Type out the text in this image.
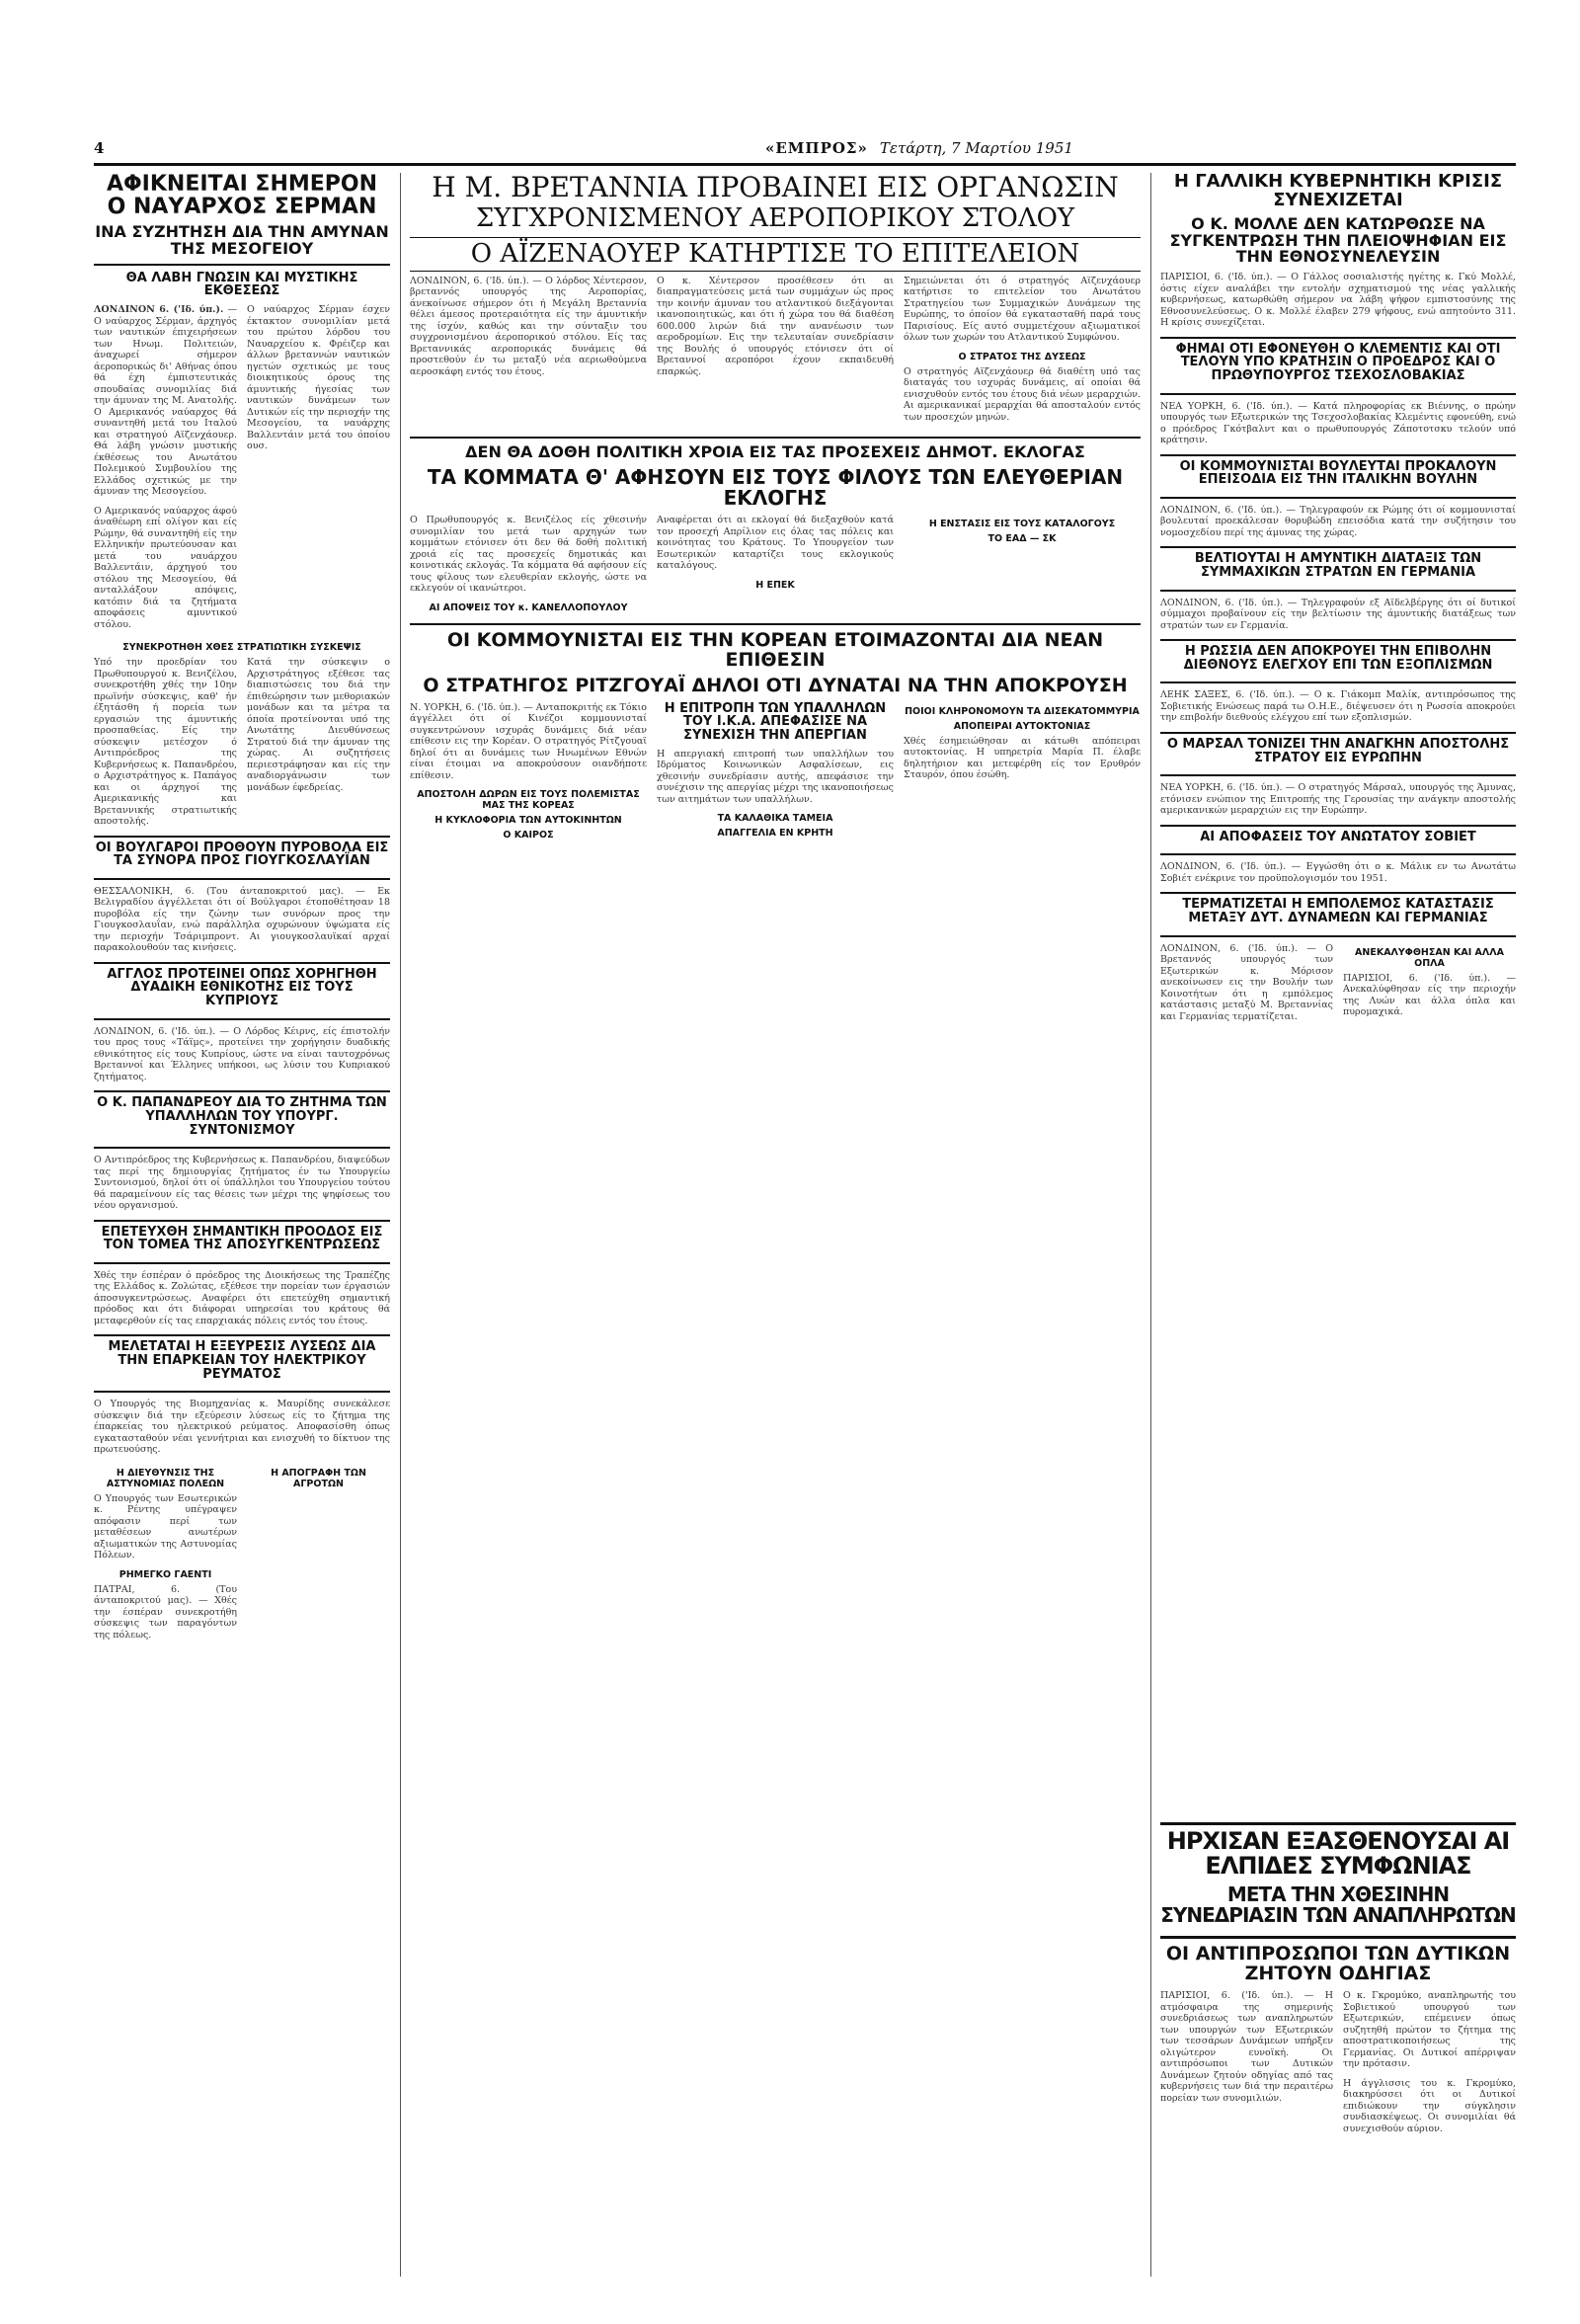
4	«ΕΜΠΡΟΣ» Τετάρτη, 7 Μαρτίου 1951
ΑΦΙΚΝΕΙΤΑΙ ΣΗΜΕΡΟΝ Ο ΝΑΥΑΡΧΟΣ ΣΕΡΜΑΝ
ΙΝΑ ΣΥΖΗΤΗΣΗ ΔΙΑ ΤΗΝ ΑΜΥΝΑΝ ΤΗΣ ΜΕΣΟΓΕΙΟΥ
ΘΑ ΛΑΒΗ ΓΝΩΣΙΝ ΚΑΙ ΜΥΣΤΙΚΗΣ ΕΚΘΕΣΕΩΣ
ΛΟΝΔΙΝΟΝ 6. ('Ιδ. ύπ.). — Ο ναύαρχος Σέρμαν, άρχηγός των ναυτικών έπιχειρήσεων των Ηνωμ. Πολιτειών, άναχωρεί σήμερον άεροπορικώς δι' Αθήνας όπου θά έχη έμπιστευτικάς σπουδαίας συνομιλίας διά την άμυναν της Μ. Ανατολής. Ο Αμερικανός ναύαρχος θά συναντηθή μετά του Ιταλού και στρατηγού Αϊζενχάουερ. Θά λάβη γνώσιν μυστικής έκθέσεως του Ανωτάτου Πολεμικού Συμβουλίου της Ελλάδος σχετικώς με την άμυναν της Μεσογείου.
Ο Αμερικανός ναύαρχος άφού άναθέωρη επί ολίγον και είς Ρώμην, θά συναντηθή είς την Ελληνικήν πρωτεύουσαν και μετά του ναυάρχου Βαλλεντάιν, άρχηγού του στόλου της Μεσογείου, θά ανταλλάξουν απόψεις, κατόπιν διά τα ζητήματα αποφάσεις αμυντικού στόλου.
Ο ναύαρχος Σέρμαν έσχεν έκτακτον συνομιλίαν μετά του πρώτου λόρδου του Ναυαρχείου κ. Φρέιζερ και άλλων βρεταννών ναυτικών ηγετών σχετικώς με τους διοικητικούς όρους της άμυντικής ήγεσίας των ναυτικών δυνάμεων των Δυτικών είς την περιοχήν της Μεσογείου, τα ναυάρχης Βαλλεντάιν μετά του όποίου ουσ.
ΣΥΝΕΚΡΟΤΗΘΗ ΧΘΕΣ ΣΤΡΑΤΙΩΤΙΚΗ ΣΥΣΚΕΨΙΣ
Υπό την προεδρίαν του Πρωθυπουργού κ. Βενιζέλου, συνεκροτήθη χθές την 10ην πρωϊνήν σύσκεψις, καθ' ήν έξητάσθη ή πορεία των εργασιών της άμυντικής προσπαθείας. Είς την σύσκεψιν μετέσχον ό Αντιπρόεδρος της Κυβερνήσεως κ. Παπανδρέου, ο Αρχιστράτηγος κ. Παπάγος και οι άρχηγοί της Αμερικανικής και Βρεταννικής στρατιωτικής αποστολής.
Κατά την σύσκεψιν ο Αρχιστράτηγος εξέθεσε τας διαπιστώσεις του διά την έπιθεώρησιν των μεθοριακών μονάδων και τα μέτρα τα όποία προτείνονται υπό της Ανωτάτης Διευθύνσεως Στρατού διά την άμυναν της χώρας. Αι συζητήσεις περιεστράφησαν και είς την αναδιοργάνωσιν των μονάδων έφεδρείας.
ΟΙ ΒΟΥΛΓΑΡΟΙ ΠΡΟΘΟΥΝ ΠΥΡΟΒΟΛΑ ΕΙΣ ΤΑ ΣΥΝΟΡΑ ΠΡΟΣ ΓΙΟΥΓΚΟΣΛΑΥΪΑΝ
ΘΕΣΣΑΛΟΝΙΚΗ, 6. (Του άνταποκριτού μας). — Εκ Βελιγραδίου άγγέλλεται ότι οί Βούλγαροι έτοποθέτησαν 18 πυροβόλα είς την ζώνην των συνόρων προς την Γιουγκοσλαυΐαν, ενώ παράλληλα οχυρώνουν ύψώματα είς την περιοχήν Τσάριμπροντ. Αι γιουγκοσλαυϊκαί αρχαί παρακολουθούν τας κινήσεις.
ΑΓΓΛΟΣ ΠΡΟΤΕΙΝΕΙ ΟΠΩΣ ΧΟΡΗΓΗΘΗ ΔΥΑΔΙΚΗ ΕΘΝΙΚΟΤΗΣ ΕΙΣ ΤΟΥΣ ΚΥΠΡΙΟΥΣ
ΛΟΝΔΙΝΟΝ, 6. ('Ιδ. ύπ.). — Ο Λόρδος Κέιρνς, είς έπιστολήν του προς τους «Τάϊμς», προτείνει την χορήγησιν δυαδικής εθνικότητος είς τους Κυπρίους, ώστε να είναι ταυτοχρόνως Βρεταννοί και Έλληνες υπήκοοι, ως λύσιν του Κυπριακού ζητήματος.
Ο Κ. ΠΑΠΑΝΔΡΕΟΥ ΔΙΑ ΤΟ ΖΗΤΗΜΑ ΤΩΝ ΥΠΑΛΛΗΛΩΝ ΤΟΥ ΥΠΟΥΡΓ. ΣΥΝΤΟΝΙΣΜΟΥ
Ο Αντιπρόεδρος της Κυβερνήσεως κ. Παπανδρέου, διαψεύδων τας περί της δημιουργίας ζητήματος έν τω Υπουργείω Συντονισμού, δηλοί ότι οί ύπάλληλοι του Υπουργείου τούτου θά παραμείνουν είς τας θέσεις των μέχρι της ψηφίσεως του νέου οργανισμού.
ΕΠΕΤΕΥΧΘΗ ΣΗΜΑΝΤΙΚΗ ΠΡΟΟΔΟΣ ΕΙΣ ΤΟΝ ΤΟΜΕΑ ΤΗΣ ΑΠΟΣΥΓΚΕΝΤΡΩΣΕΩΣ
Χθές την έσπέραν ό πρόεδρος της Διοικήσεως της Τραπέζης της Ελλάδος κ. Ζολώτας, εξέθεσε την πορείαν των έργασιών άποσυγκεντρώσεως. Αναφέρει ότι επετεύχθη σημαντική πρόοδος και ότι διάφοραι υπηρεσίαι του κράτους θά μεταφερθούν είς τας επαρχιακάς πόλεις εντός του έτους.
ΜΕΛΕΤΑΤΑΙ Η ΕΞΕΥΡΕΣΙΣ ΛΥΣΕΩΣ ΔΙΑ ΤΗΝ ΕΠΑΡΚΕΙΑΝ ΤΟΥ ΗΛΕΚΤΡΙΚΟΥ ΡΕΥΜΑΤΟΣ
Ο Υπουργός της Βιομηχανίας κ. Μαυρίδης συνεκάλεσε σύσκεψιν διά την εξεύρεσιν λύσεως είς το ζήτημα της έπαρκείας του ηλεκτρικού ρεύματος. Αποφασίσθη όπως εγκατασταθούν νέαι γεννήτριαι και ενισχυθή το δίκτυον της πρωτευούσης.
Η ΔΙΕΥΘΥΝΣΙΣ ΤΗΣ ΑΣΤΥΝΟΜΙΑΣ ΠΟΛΕΩΝ
Ο Υπουργός των Εσωτερικών κ. Ρέντης υπέγραψεν απόφασιν περί των μεταθέσεων ανωτέρων αξιωματικών της Αστυνομίας Πόλεων.
ΡΗΜΕΓΚΟ ΓΑΕΝΤΙ
ΠΑΤΡΑΙ, 6. (Του άνταποκριτού μας). — Χθές την έσπέραν συνεκροτήθη σύσκεψις των παραγόντων της πόλεως.
Η ΑΠΟΓΡΑΦΗ ΤΩΝ ΑΓΡΟΤΩΝ
Η Μ. ΒΡΕΤΑΝΝΙΑ ΠΡΟΒΑΙΝΕΙ ΕΙΣ ΟΡΓΑΝΩΣΙΝ
ΣΥΓΧΡΟΝΙΣΜΕΝΟΥ ΑΕΡΟΠΟΡΙΚΟΥ ΣΤΟΛΟΥ
Ο ΑΪΖΕΝΑΟΥΕΡ ΚΑΤΗΡΤΙΣΕ ΤΟ ΕΠΙΤΕΛΕΙΟΝ
ΛΟΝΔΙΝΟΝ, 6. ('Ιδ. ύπ.). — Ο λόρδος Χέντερσον, βρεταννός υπουργός της Αεροπορίας, άνεκοίνωσε σήμερον ότι ή Μεγάλη Βρεταννία θέλει άμεσος προτεραιότητα είς την άμυντικήν της ίσχύν, καθώς και την σύνταξιν του συγχρονισμένου άεροπορικού στόλου. Είς τας Βρεταννικάς αεροπορικάς δυνάμεις θά προστεθούν έν τω μεταξύ νέα αεριωθούμενα αεροσκάφη εντός του έτους.
Ο κ. Χέντερσον προσέθεσεν ότι αι διαπραγματεύσεις μετά των συμμάχων ώς προς την κοινήν άμυναν του ατλαντικού διεξάγονται ικανοποιητικώς, και ότι ή χώρα του θά διαθέση 600.000 λιρών διά την ανανέωσιν των αεροδρομίων. Εις την τελευταίαν συνεδρίασιν της Βουλής ό υπουργός ετόνισεν ότι οί Βρεταννοί αεροπόροι έχουν εκπαιδευθή επαρκώς.
Σημειώνεται ότι ό στρατηγός Αϊζενχάουερ κατήρτισε το επιτελείον του Ανωτάτου Στρατηγείου των Συμμαχικών Δυνάμεων της Ευρώπης, το όποίον θά εγκατασταθή παρά τους Παρισίους. Είς αυτό συμμετέχουν αξιωματικοί όλων των χωρών του Ατλαντικού Συμφώνου.
Ο ΣΤΡΑΤΟΣ ΤΗΣ ΔΥΣΕΩΣ
Ο στρατηγός Αϊζενχάουερ θά διαθέτη υπό τας διαταγάς του ισχυράς δυνάμεις, αί οποίαι θά ενισχυθούν εντός του έτους διά νέων μεραρχιών. Αι αμερικανικαί μεραρχίαι θά αποσταλούν εντός των προσεχών μηνών.
ΔΕΝ ΘΑ ΔΟΘΗ ΠΟΛΙΤΙΚΗ ΧΡΟΙΑ ΕΙΣ ΤΑΣ ΠΡΟΣΕΧΕΙΣ ΔΗΜΟΤ. ΕΚΛΟΓΑΣ
ΤΑ ΚΟΜΜΑΤΑ Θ' ΑΦΗΣΟΥΝ ΕΙΣ ΤΟΥΣ ΦΙΛΟΥΣ ΤΩΝ ΕΛΕΥΘΕΡΙΑΝ ΕΚΛΟΓΗΣ
Ο Πρωθυπουργός κ. Βενιζέλος είς χθεσινήν συνομιλίαν του μετά των αρχηγών των κομμάτων ετόνισεν ότι δεν θά δοθή πολιτική χροιά είς τας προσεχείς δημοτικάς και κοινοτικάς εκλογάς. Τα κόμματα θά αφήσουν είς τους φίλους των ελευθερίαν εκλογής, ώστε να εκλεγούν οί ικανώτεροι.
ΑΙ ΑΠΟΨΕΙΣ ΤΟΥ κ. ΚΑΝΕΛΛΟΠΟΥΛΟΥ
Αναφέρεται ότι αι εκλογαί θά διεξαχθούν κατά τον προσεχή Απρίλιον εις όλας τας πόλεις και κοινότητας του Κράτους. Το Υπουργείον των Εσωτερικών καταρτίζει τους εκλογικούς καταλόγους.
Η ΕΠΕΚ
Η ΕΝΣΤΑΣΙΣ ΕΙΣ ΤΟΥΣ ΚΑΤΑΛΟΓΟΥΣ
ΤΟ ΕΑΔ — ΣΚ
ΟΙ ΚΟΜΜΟΥΝΙΣΤΑΙ ΕΙΣ ΤΗΝ ΚΟΡΕΑΝ ΕΤΟΙΜΑΖΟΝΤΑΙ ΔΙΑ ΝΕΑΝ ΕΠΙΘΕΣΙΝ
Ο ΣΤΡΑΤΗΓΟΣ ΡΙΤΖΓΟΥΑΪ ΔΗΛΟΙ ΟΤΙ ΔΥΝΑΤΑΙ ΝΑ ΤΗΝ ΑΠΟΚΡΟΥΣΗ
Ν. ΥΟΡΚΗ, 6. ('Ιδ. ύπ.). — Ανταποκριτής εκ Τόκιο άγγέλλει ότι οί Κινέζοι κομμουνισταί συγκεντρώνουν ισχυράς δυνάμεις διά νέαν επίθεσιν εις την Κορέαν. Ο στρατηγός Ρίτζγουαϊ δηλοί ότι αι δυνάμεις των Ηνωμένων Εθνών είναι έτοιμαι να αποκρούσουν οιανδήποτε επίθεσιν.
ΑΠΟΣΤΟΛΗ ΔΩΡΩΝ ΕΙΣ ΤΟΥΣ ΠΟΛΕΜΙΣΤΑΣ ΜΑΣ ΤΗΣ ΚΟΡΕΑΣ
Η ΚΥΚΛΟΦΟΡΙΑ ΤΩΝ ΑΥΤΟΚΙΝΗΤΩΝ
Ο ΚΑΙΡΟΣ
Η ΕΠΙΤΡΟΠΗ ΤΩΝ ΥΠΑΛΛΗΛΩΝ ΤΟΥ Ι.Κ.Α. ΑΠΕΦΑΣΙΣΕ ΝΑ ΣΥΝΕΧΙΣΗ ΤΗΝ ΑΠΕΡΓΙΑΝ
Η απεργιακή επιτροπή των υπαλλήλων του Ιδρύματος Κοινωνικών Ασφαλίσεων, εις χθεσινήν συνεδρίασιν αυτής, απεφάσισε την συνέχισιν της απεργίας μέχρι της ικανοποιήσεως των αιτημάτων των υπαλλήλων.
ΤΑ ΚΑΛΑΘΙΚΑ ΤΑΜΕΙΑ
ΑΠΑΓΓΕΛΙΑ ΕΝ ΚΡΗΤΗ
ΠΟΙΟΙ ΚΛΗΡΟΝΟΜΟΥΝ ΤΑ ΔΙΣΕΚΑΤΟΜΜΥΡΙΑ
ΑΠΟΠΕΙΡΑΙ ΑΥΤΟΚΤΟΝΙΑΣ
Χθές έσημειώθησαν αι κάτωθι απόπειραι αυτοκτονίας. Η υπηρετρία Μαρία Π. έλαβε δηλητήριον και μετεφέρθη είς τον Ερυθρόν Σταυρόν, όπου έσώθη.
Η ΓΑΛΛΙΚΗ ΚΥΒΕΡΝΗΤΙΚΗ ΚΡΙΣΙΣ ΣΥΝΕΧΙΖΕΤΑΙ
Ο Κ. ΜΟΛΛΕ ΔΕΝ ΚΑΤΩΡΘΩΣΕ ΝΑ ΣΥΓΚΕΝΤΡΩΣΗ ΤΗΝ ΠΛΕΙΟΨΗΦΙΑΝ ΕΙΣ ΤΗΝ ΕΘΝΟΣΥΝΕΛΕΥΣΙΝ
ΠΑΡΙΣΙΟΙ, 6. ('Ιδ. ύπ.). — Ο Γάλλος σοσιαλιστής ηγέτης κ. Γκύ Μολλέ, όστις είχεν αναλάβει την εντολήν σχηματισμού της νέας γαλλικής κυβερνήσεως, κατωρθώθη σήμερον να λάβη ψήφον εμπιστοσύνης της Εθνοσυνελεύσεως. Ο κ. Μολλέ έλαβεν 279 ψήφους, ενώ απητούντο 311. Η κρίσις συνεχίζεται.
ΦΗΜΑΙ ΟΤΙ ΕΦΟΝΕΥΘΗ Ο ΚΛΕΜΕΝΤΙΣ ΚΑΙ ΟΤΙ ΤΕΛΟΥΝ ΥΠΟ ΚΡΑΤΗΣΙΝ Ο ΠΡΟΕΔΡΟΣ ΚΑΙ Ο ΠΡΩΘΥΠΟΥΡΓΟΣ ΤΣΕΧΟΣΛΟΒΑΚΙΑΣ
ΝΕΑ ΥΟΡΚΗ, 6. ('Ιδ. ύπ.). — Κατά πληροφορίας εκ Βιέννης, ο πρώην υπουργός των Εξωτερικών της Τσεχοσλοβακίας Κλεμέντις εφονεύθη, ενώ ο πρόεδρος Γκότβαλντ και ο πρωθυπουργός Ζάποτοτσκυ τελούν υπό κράτησιν.
ΟΙ ΚΟΜΜΟΥΝΙΣΤΑΙ ΒΟΥΛΕΥΤΑΙ ΠΡΟΚΑΛΟΥΝ ΕΠΕΙΣΟΔΙΑ ΕΙΣ ΤΗΝ ΙΤΑΛΙΚΗΝ ΒΟΥΛΗΝ
ΛΟΝΔΙΝΟΝ, 6. ('Ιδ. ύπ.). — Τηλεγραφούν εκ Ρώμης ότι οί κομμουνισταί βουλευταί προεκάλεσαν θορυβώδη επεισόδια κατά την συζήτησιν του νομοσχεδίου περί της άμυνας της χώρας.
ΒΕΛΤΙΟΥΤΑΙ Η ΑΜΥΝΤΙΚΗ ΔΙΑΤΑΞΙΣ ΤΩΝ ΣΥΜΜΑΧΙΚΩΝ ΣΤΡΑΤΩΝ ΕΝ ΓΕΡΜΑΝΙΑ
ΛΟΝΔΙΝΟΝ, 6. ('Ιδ. ύπ.). — Τηλεγραφούν εξ Αϊδελβέργης ότι οί δυτικοί σύμμαχοι προβαίνουν είς την βελτίωσιν της άμυντικής διατάξεως των στρατών των εν Γερμανία.
Η ΡΩΣΣΙΑ ΔΕΝ ΑΠΟΚΡΟΥΕΙ ΤΗΝ ΕΠΙΒΟΛΗΝ ΔΙΕΘΝΟΥΣ ΕΛΕΓΧΟΥ ΕΠΙ ΤΩΝ ΕΞΟΠΛΙΣΜΩΝ
ΛΕΗΚ ΣΑΞΕΣ, 6. ('Ιδ. ύπ.). — Ο κ. Γιάκομπ Μαλίκ, αντιπρόσωπος της Σοβιετικής Ενώσεως παρά τω Ο.Η.Ε., διέψευσεν ότι η Ρωσσία αποκρούει την επιβολήν διεθνούς ελέγχου επί των εξοπλισμών.
Ο ΜΑΡΣΑΛ ΤΟΝΙΖΕΙ ΤΗΝ ΑΝΑΓΚΗΝ ΑΠΟΣΤΟΛΗΣ ΣΤΡΑΤΟΥ ΕΙΣ ΕΥΡΩΠΗΝ
ΝΕΑ ΥΟΡΚΗ, 6. ('Ιδ. ύπ.). — Ο στρατηγός Μάρσαλ, υπουργός της Άμυνας, ετόνισεν ενώπιον της Επιτροπής της Γερουσίας την ανάγκην αποστολής αμερικανικών μεραρχιών εις την Ευρώπην.
ΑΙ ΑΠΟΦΑΣΕΙΣ ΤΟΥ ΑΝΩΤΑΤΟΥ ΣΟΒΙΕΤ
ΛΟΝΔΙΝΟΝ, 6. ('Ιδ. ύπ.). — Εγγώσθη ότι ο κ. Μάλικ εν τω Ανωτάτω Σοβιέτ ενέκρινε τον προϋπολογισμόν του 1951.
ΤΕΡΜΑΤΙΖΕΤΑΙ Η ΕΜΠΟΛΕΜΟΣ ΚΑΤΑΣΤΑΣΙΣ ΜΕΤΑΞΥ ΔΥΤ. ΔΥΝΑΜΕΩΝ ΚΑΙ ΓΕΡΜΑΝΙΑΣ
ΛΟΝΔΙΝΟΝ, 6. ('Ιδ. ύπ.). — Ο Βρεταννός υπουργός των Εξωτερικών κ. Μόρισον ανεκοίνωσεν εις την Βουλήν των Κοινοτήτων ότι η εμπόλεμος κατάστασις μεταξύ Μ. Βρεταννίας και Γερμανίας τερματίζεται.
ΑΝΕΚΑΛΥΦΘΗΣΑΝ ΚΑΙ ΑΛΛΑ ΟΠΛΑ
ΠΑΡΙΣΙΟΙ, 6. ('Ιδ. ύπ.). — Ανεκαλύφθησαν είς την περιοχήν της Λυών και άλλα όπλα και πυρομαχικά.
ΗΡΧΙΣΑΝ ΕΞΑΣΘΕΝΟΥΣΑΙ ΑΙ ΕΛΠΙΔΕΣ ΣΥΜΦΩΝΙΑΣ
ΜΕΤΑ ΤΗΝ ΧΘΕΣΙΝΗΝ ΣΥΝΕΔΡΙΑΣΙΝ ΤΩΝ ΑΝΑΠΛΗΡΩΤΩΝ
ΟΙ ΑΝΤΙΠΡΟΣΩΠΟΙ ΤΩΝ ΔΥΤΙΚΩΝ ΖΗΤΟΥΝ ΟΔΗΓΙΑΣ
ΠΑΡΙΣΙΟΙ, 6. ('Ιδ. ύπ.). — Η ατμόσφαιρα της σημερινής συνεδριάσεως των αναπληρωτών των υπουργών των Εξωτερικών των τεσσάρων Δυνάμεων υπήρξεν ολιγώτερον ευνοϊκή. Οι αντιπρόσωποι των Δυτικών Δυνάμεων ζητούν οδηγίας από τας κυβερνήσεις των διά την περαιτέρω πορείαν των συνομιλιών.
Ο κ. Γκρομύκο, αναπληρωτής του Σοβιετικού υπουργού των Εξωτερικών, επέμεινεν όπως συζητηθή πρώτον το ζήτημα της αποστρατικοποιήσεως της Γερμανίας. Οι Δυτικοί απέρριψαν την πρότασιν.
Η άγγλισσις του κ. Γκρομύκο, διακηρύσσει ότι οι Δυτικοί επιδιώκουν την σύγκλησιν συνδιασκέψεως. Οι συνομιλίαι θά συνεχισθούν αύριον.
